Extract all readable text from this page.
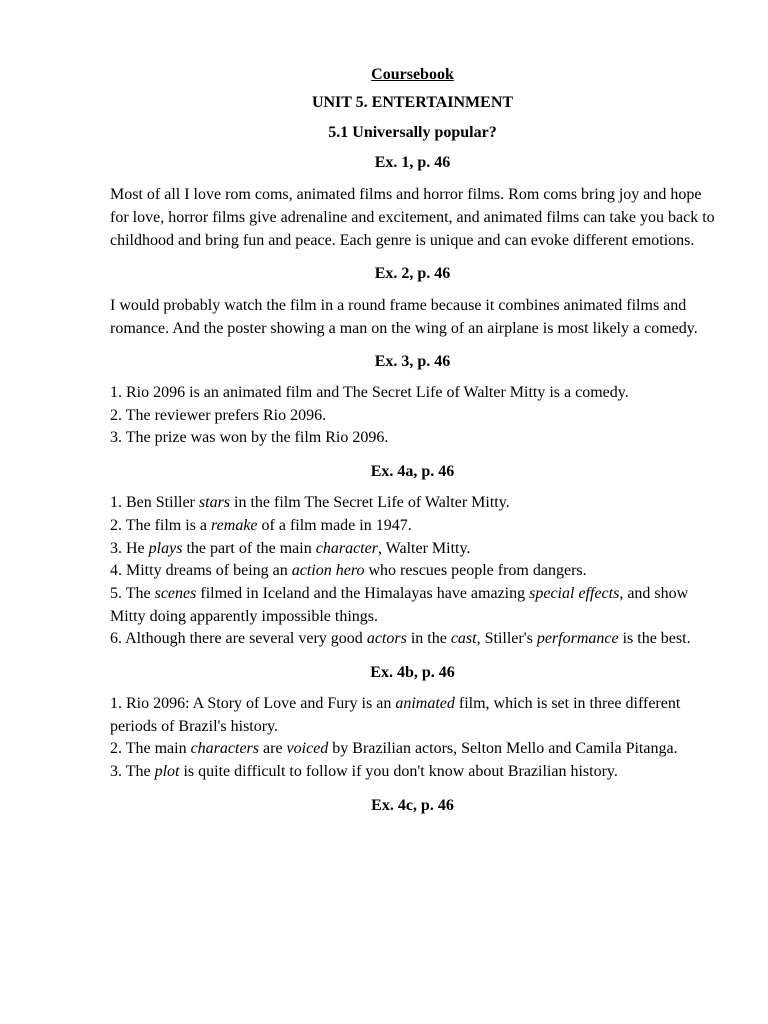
Coursebook
UNIT 5. ENTERTAINMENT
5.1 Universally popular?
Ex. 1, p. 46

Most of all I love rom coms, animated films and horror films. Rom coms bring joy and hope for love, horror films give adrenaline and excitement, and animated films can take you back to childhood and bring fun and peace. Each genre is unique and can evoke different emotions.

Ex. 2, p. 46

I would probably watch the film in a round frame because it combines animated films and romance. And the poster showing a man on the wing of an airplane is most likely a comedy.

Ex. 3, p. 46
1. Rio 2096 is an animated film and The Secret Life of Walter Mitty is a comedy.
2. The reviewer prefers Rio 2096.
3. The prize was won by the film Rio 2096.
Ex. 4a, p. 46
1. Ben Stiller stars in the film The Secret Life of Walter Mitty.
2. The film is a remake of a film made in 1947.
3. He plays the part of the main character, Walter Mitty.
4. Mitty dreams of being an action hero who rescues people from dangers.
5. The scenes filmed in Iceland and the Himalayas have amazing special effects, and show Mitty doing apparently impossible things.
6. Although there are several very good actors in the cast, Stiller's performance is the best.
Ex. 4b, p. 46
1. Rio 2096: A Story of Love and Fury is an animated film, which is set in three different periods of Brazil's history.
2. The main characters are voiced by Brazilian actors, Selton Mello and Camila Pitanga.
3. The plot is quite difficult to follow if you don't know about Brazilian history.
Ex. 4c, p. 46
